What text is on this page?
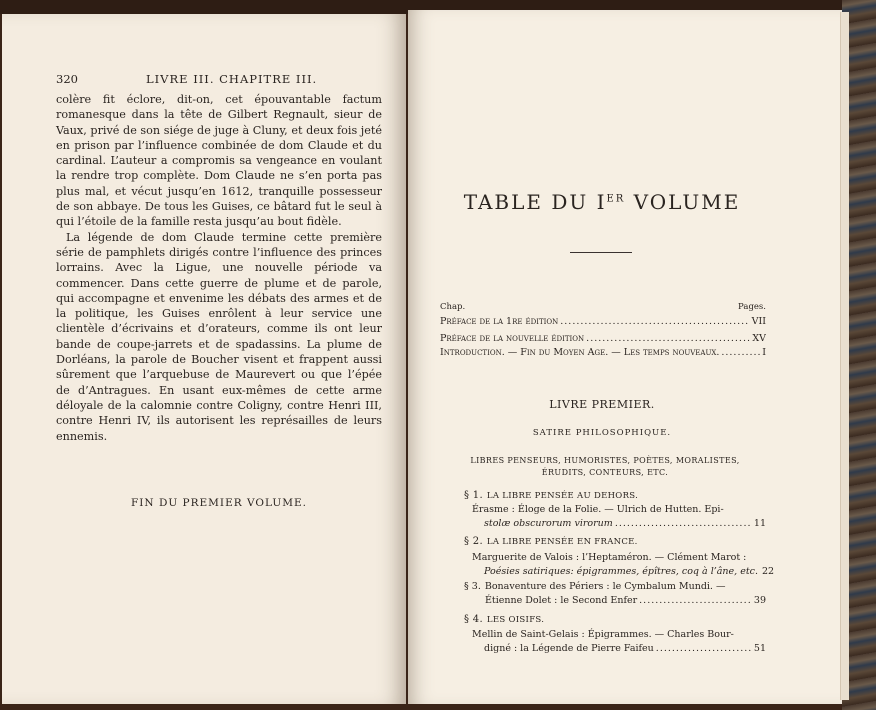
320	LIVRE III. CHAPITRE III.

colère fit éclore, dit-on, cet épouvantable factum romanesque dans la tête de Gilbert Regnault, sieur de Vaux, privé de son siége de juge à Cluny, et deux fois jeté en prison par l’influence combinée de dom Claude et du cardinal. L’auteur a compromis sa vengeance en voulant la rendre trop complète. Dom Claude ne s’en porta pas plus mal, et vécut jusqu’en 1612, tranquille possesseur de son abbaye. De tous les Guises, ce bâtard fut le seul à qui l’étoile de la famille resta jusqu’au bout fidèle.

La légende de dom Claude termine cette première série de pamphlets dirigés contre l’influence des princes lorrains. Avec la Ligue, une nouvelle période va commencer. Dans cette guerre de plume et de parole, qui accompagne et envenime les débats des armes et de la politique, les Guises enrôlent à leur service une clientèle d’écrivains et d’orateurs, comme ils ont leur bande de coupe-jarrets et de spadassins. La plume de Dorléans, la parole de Boucher visent et frappent aussi sûrement que l’arquebuse de Maurevert ou que l’épée de d’Antragues. En usant eux-mêmes de cette arme déloyale de la calomnie contre Coligny, contre Henri III, contre Henri IV, ils autorisent les représailles de leurs ennemis.

FIN DU PREMIER VOLUME.
TABLE DU IER VOLUME
Chap.	Pages.
Préface de la 1re édition .....	VII
Préface de la nouvelle édition .....	XV
Introduction. — Fin du Moyen Age. — Les temps nouveaux. .....	I
LIVRE PREMIER.
SATIRE PHILOSOPHIQUE.
LIBRES PENSEURS, HUMORISTES, POÈTES, MORALISTES, ÉRUDITS, CONTEURS, ETC.
§ 1. LA LIBRE PENSÉE AU DEHORS.
Érasme : Éloge de la Folie. — Ulrich de Hutten. Epi-
stolæ obscurorum virorum .....	11
§ 2. LA LIBRE PENSÉE EN FRANCE.
Marguerite de Valois : l’Heptaméron. — Clément Marot :
Poésies satiriques: épigrammes, épîtres, coq à l’âne, etc. 22
§ 3. Bonaventure des Périers : le Cymbalum Mundi. —
Étienne Dolet : le Second Enfer .....	39
§ 4. LES OISIFS.
Mellin de Saint-Gelais : Épigrammes. — Charles Bour-
digné : la Légende de Pierre Faifeu .....	51
